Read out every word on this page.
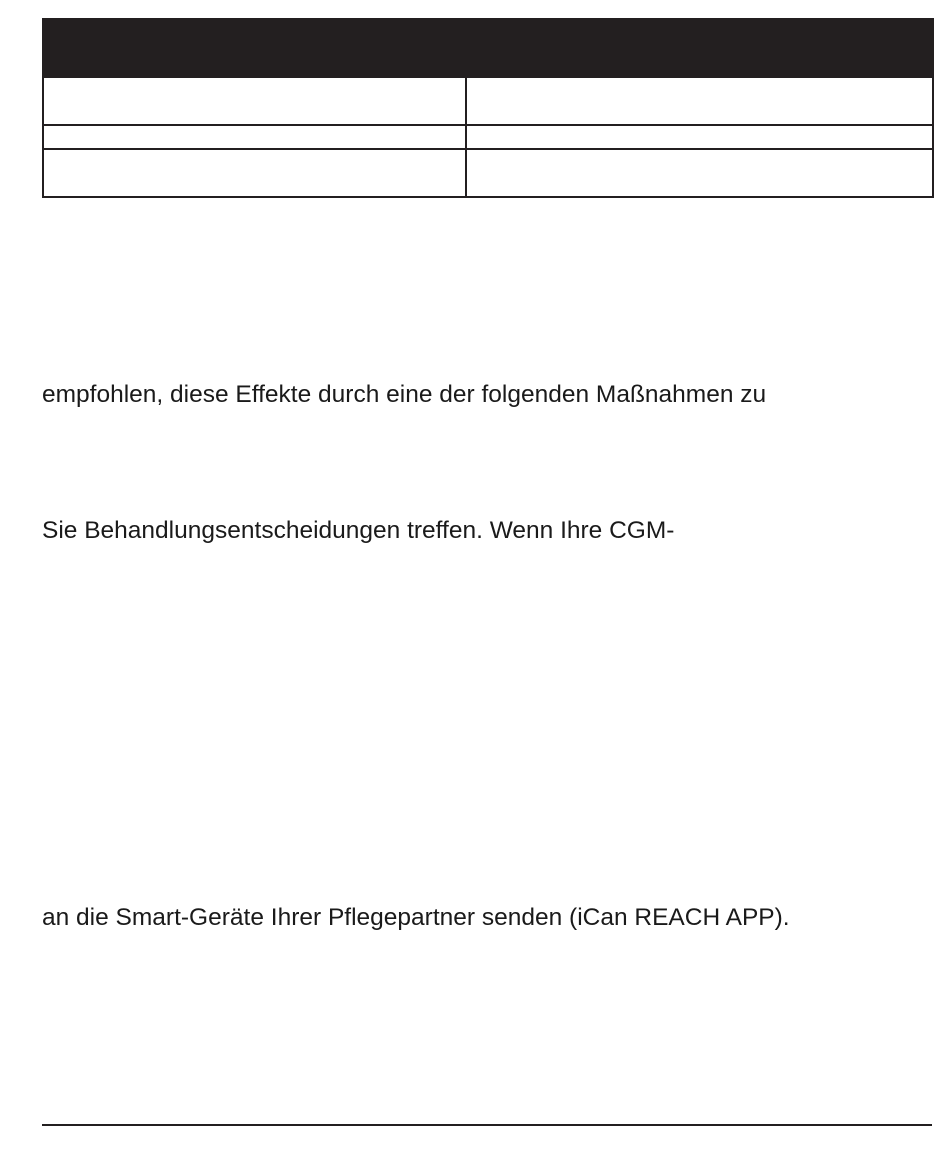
empfohlen, diese Effekte durch eine der folgenden Maßnahmen zu

Sie Behandlungsentscheidungen treffen. Wenn Ihre CGM-

an die Smart-Geräte Ihrer Pflegepartner senden (iCan REACH APP).
